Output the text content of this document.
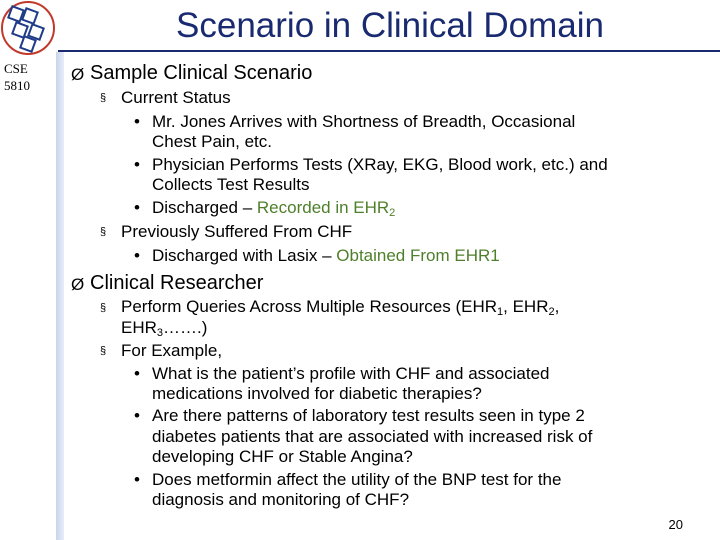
Scenario in Clinical Domain
CSE
5810
Ø Sample Clinical Scenario
§ Current Status
• Mr. Jones Arrives with Shortness of Breadth, Occasional
Chest Pain, etc.
• Physician Performs Tests (XRay, EKG, Blood work, etc.) and
Collects Test Results
• Discharged – Recorded in $EHR_2$
§ Previously Suffered From CHF
• Discharged with Lasix – Obtained From EHR1
Ø Clinical Researcher
§ Perform Queries Across Multiple Resources ($EHR_1$, $EHR_2$,
$EHR_3\dots\dots$.)
§ For Example,
• What is the patient’s profile with CHF and associated
medications involved for diabetic therapies?
• Are there patterns of laboratory test results seen in type 2
diabetes patients that are associated with increased risk of
developing CHF or Stable Angina?
• Does metformin affect the utility of the BNP test for the
diagnosis and monitoring of CHF?
20
